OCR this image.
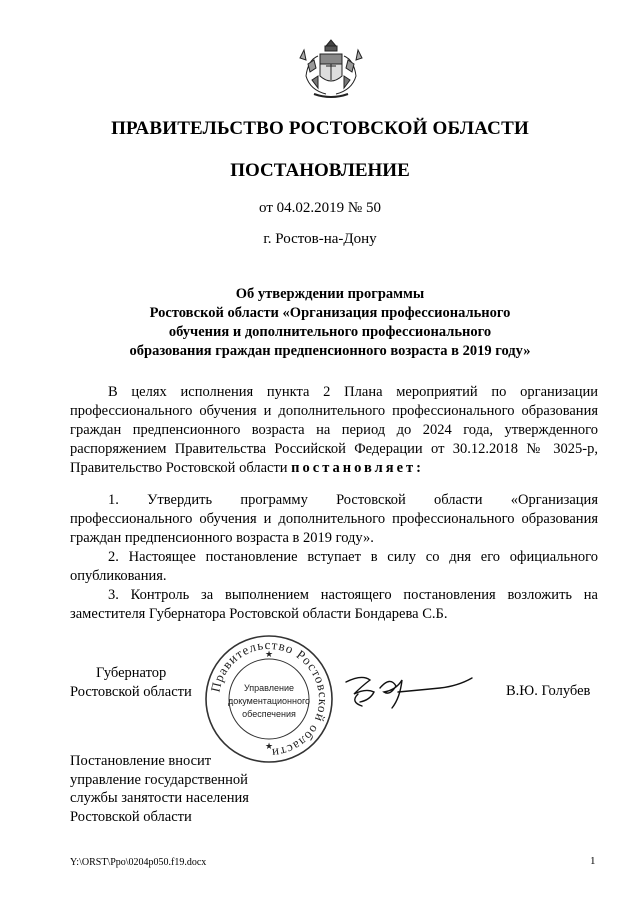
ПРАВИТЕЛЬСТВО РОСТОВСКОЙ ОБЛАСТИ
ПОСТАНОВЛЕНИЕ
от 04.02.2019 № 50
г. Ростов-на-Дону
Об утверждении программы
Ростовской области «Организация профессионального
обучения и дополнительного профессионального
образования граждан предпенсионного возраста в 2019 году»

В целях исполнения пункта 2 Плана мероприятий по организации профессионального обучения и дополнительного профессионального образования граждан предпенсионного возраста на период до 2024 года, утвержденного распоряжением Правительства Российской Федерации от 30.12.2018 № 3025-р, Правительство Ростовской области постановляет:

1. Утвердить программу Ростовской области «Организация профессионального обучения и дополнительного профессионального образования граждан предпенсионного возраста в 2019 году».

2. Настоящее постановление вступает в силу со дня его официального опубликования.

3. Контроль за выполнением настоящего постановления возложить на заместителя Губернатора Ростовской области Бондарева С.Б.

Губернатор
Ростовской области	Правительство Ростовской области
Управление
документационного
обеспечения
★
★
В.Ю. Голубев
Постановление вносит
управление государственной
службы занятости населения
Ростовской области
Y:\ORST\Ppo\0204p050.f19.docx	1
